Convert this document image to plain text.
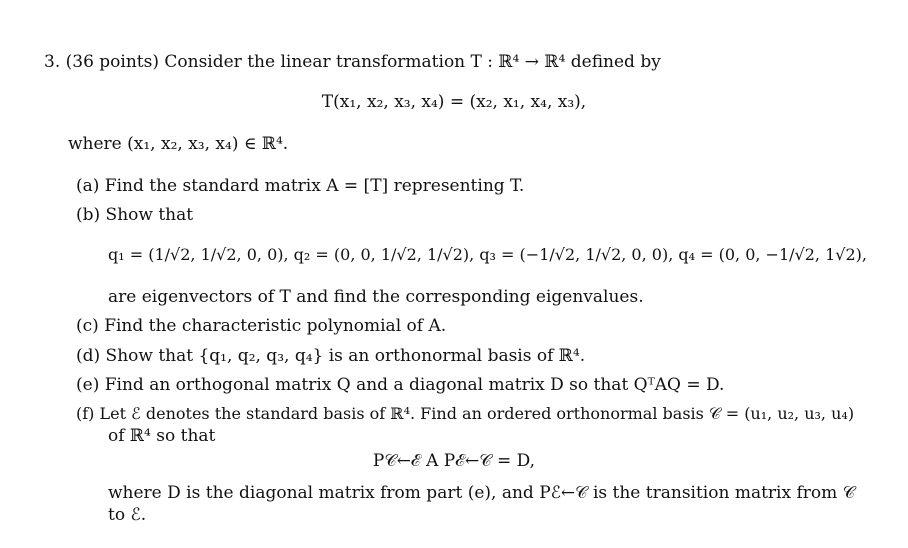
3. (36 points) Consider the linear transformation T : ℝ⁴ → ℝ⁴ defined by
T(x₁, x₂, x₃, x₄) = (x₂, x₁, x₄, x₃),
where (x₁, x₂, x₃, x₄) ∈ ℝ⁴.
(a) Find the standard matrix A = [T] representing T.
(b) Show that
q₁ = (1/√2, 1/√2, 0, 0), q₂ = (0, 0, 1/√2, 1/√2), q₃ = (−1/√2, 1/√2, 0, 0), q₄ = (0, 0, −1/√2, 1√2),
are eigenvectors of T and find the corresponding eigenvalues.
(c) Find the characteristic polynomial of A.
(d) Show that {q₁, q₂, q₃, q₄} is an orthonormal basis of ℝ⁴.
(e) Find an orthogonal matrix Q and a diagonal matrix D so that QᵀAQ = D.
(f) Let ℰ denotes the standard basis of ℝ⁴. Find an ordered orthonormal basis 𝒞 = (u₁, u₂, u₃, u₄)
of ℝ⁴ so that
P𝒞←ℰ A Pℰ←𝒞 = D,
where D is the diagonal matrix from part (e), and Pℰ←𝒞 is the transition matrix from 𝒞
to ℰ.
